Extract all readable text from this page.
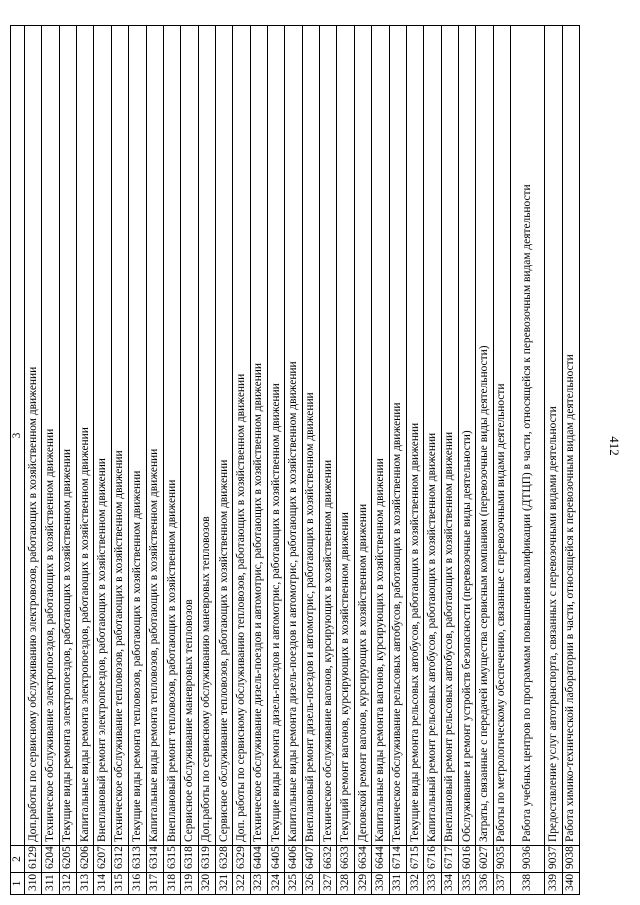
412
1	2	3
310	6129	Доп.работы по сервисному обслуживанию электровозов, работающих в хозяйственном движении
311	6204	Техническое обслуживание электропоездов, работающих в хозяйственном движении
312	6205	Текущие виды ремонта электропоездов, работающих в хозяйственном движении
313	6206	Капитальные виды ремонта электропоездов, работающих в хозяйственном движении
314	6207	Внеплановый ремонт электропоездов, работающих в хозяйственном движении
315	6312	Техническое обслуживание тепловозов, работающих в хозяйственном движении
316	6313	Текущие виды ремонта тепловозов, работающих в хозяйственном движении
317	6314	Капитальные виды ремонта тепловозов, работающих в хозяйственном движении
318	6315	Внеплановый ремонт тепловозов, работающих в хозяйственном движении
319	6318	Сервисное обслуживание маневровых тепловозов
320	6319	Доп.работы по сервисному обслуживанию маневровых тепловозов
321	6328	Сервисное обслуживание тепловозов, работающих в хозяйственном движении
322	6329	Доп. работы по сервисному обслуживанию тепловозов, работающих в хозяйственном движении
323	6404	Техническое обслуживание дизель-поездов и автомотрис, работающих в хозяйственном движении
324	6405	Текущие виды ремонта дизель-поездов и автомотрис, работающих в хозяйственном движении
325	6406	Капитальные виды ремонта дизель-поездов и автомотрис, работающих в хозяйственном движении
326	6407	Внеплановый ремонт дизель-поездов и автомотрис, работающих в хозяйственном движении
327	6632	Техническое обслуживание вагонов, курсирующих в хозяйственном движении
328	6633	Текущий ремонт вагонов, курсирующих в хозяйственном движении
329	6634	Деповской ремонт вагонов, курсирующих в хозяйственном движении
330	6644	Капитальные виды ремонта вагонов, курсирующих в хозяйственном движении
331	6714	Техническое обслуживание рельсовых автобусов, работающих в хозяйственном движении
332	6715	Текущие виды ремонта рельсовых автобусов, работающих в хозяйственном движении
333	6716	Капитальный ремонт рельсовых автобусов, работающих в хозяйственном движении
334	6717	Внеплановый ремонт рельсовых автобусов, работающих в хозяйственном движении
335	6016	Обслуживание и ремонт устройств безопасности (перевозочные виды деятельности)
336	6027	Затраты, связанные с передачей имущества сервисным компаниям (перевозочные виды деятельности)
337	9035	Работы по метрологическому обеспечению, связанные с перевозочными видами деятельности
338	9036	Работа учебных центров по программам повышения квалификации (ДТЦП) в части, относящейся к перевозочным видам деятельности
339	9037	Предоставление услуг автотранспорта, связанных с перевозочными видами деятельности
340	9038	Работа химико-технической лаборатории в части, относящейся к перевозочным видам деятельности
